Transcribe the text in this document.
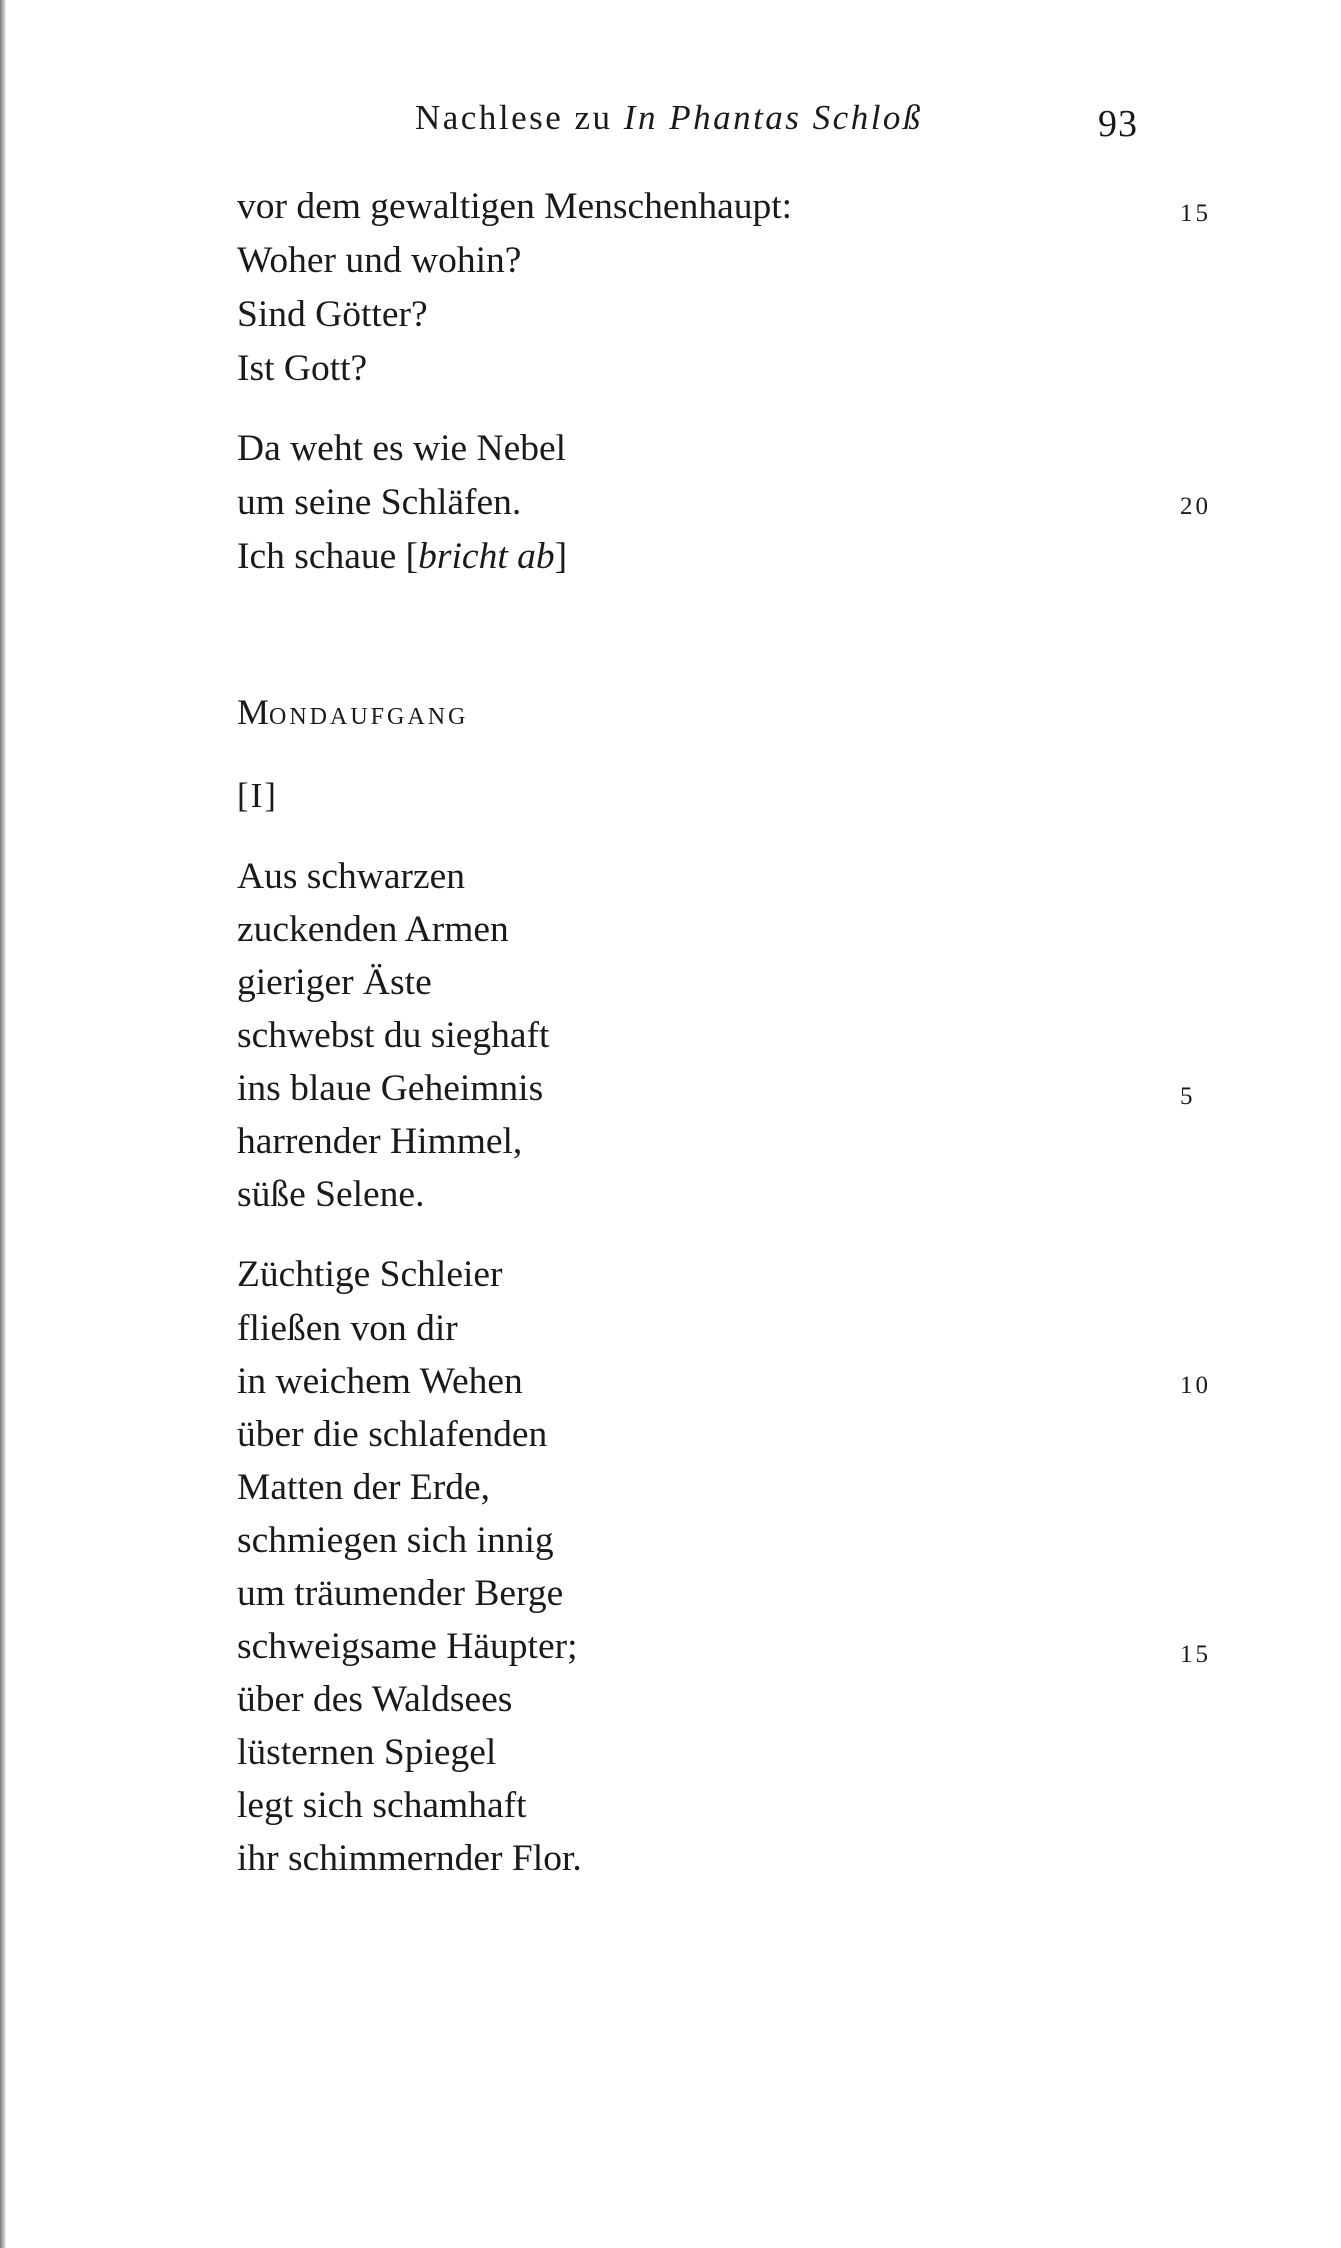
Nachlese zu In Phantas Schloß	93
vor dem gewaltigen Menschenhaupt:	15
Woher und wohin?
Sind Götter?
Ist Gott?
Da weht es wie Nebel
um seine Schläfen.	20
Ich schaue [bricht ab]
MONDAUFGANG
[I]
Aus schwarzen
zuckenden Armen
gieriger Äste
schwebst du sieghaft
ins blaue Geheimnis	5
harrender Himmel,
süße Selene.
Züchtige Schleier
fließen von dir
in weichem Wehen	10
über die schlafenden
Matten der Erde,
schmiegen sich innig
um träumender Berge
schweigsame Häupter;	15
über des Waldsees
lüsternen Spiegel
legt sich schamhaft
ihr schimmernder Flor.
